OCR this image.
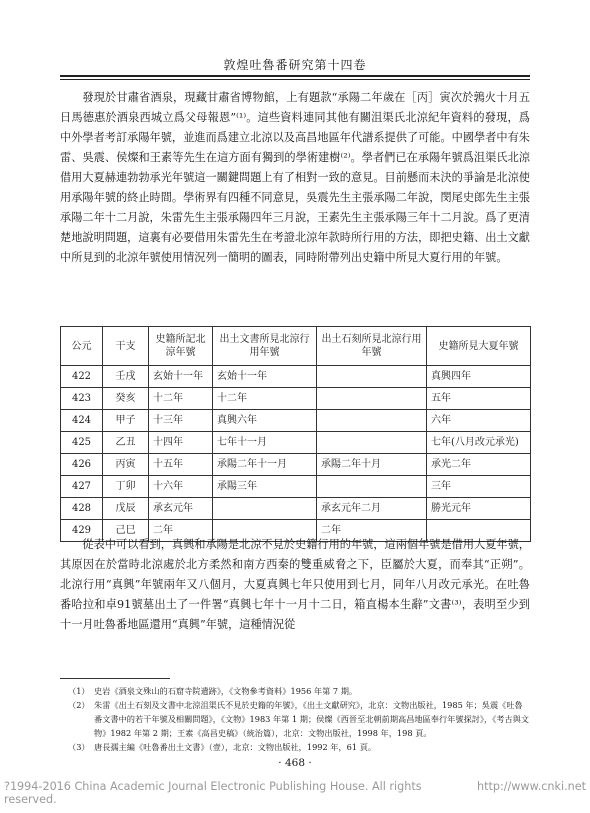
敦煌吐魯番研究第十四卷
發現於甘肅省酒泉，現藏甘肅省博物館，上有題款“承陽二年歲在［丙］寅次於鶉火十月五日馬德惠於酒泉西城立爲父母報恩”⁽¹⁾。這些資料連同其他有關沮渠氏北涼紀年資料的發現，爲中外學者考訂承陽年號，並進而爲建立北涼以及高昌地區年代譜系提供了可能。中國學者中有朱雷、吳震、侯燦和王素等先生在這方面有獨到的學術建樹⁽²⁾。學者們已在承陽年號爲沮渠氏北涼借用大夏赫連勃勃承光年號這一關鍵問題上有了相對一致的意見。目前懸而未決的爭論是北涼使用承陽年號的終止時間。學術界有四種不同意見，吳震先生主張承陽二年說，閔尾史郎先生主張承陽二年十二月說，朱雷先生主張承陽四年三月說，王素先生主張承陽三年十二月說。爲了更清楚地說明問題，這裏有必要借用朱雷先生在考證北涼年款時所行用的方法，即把史籍、出土文獻中所見到的北涼年號使用情況列一簡明的圖表，同時附帶列出史籍中所見大夏行用的年號。
公元	干支	史籍所記北涼年號	出土文書所見北涼行用年號	出土石刻所見北涼行用年號	史籍所見大夏年號
422	壬戌	玄始十一年	玄始十一年		真興四年
423	癸亥	十二年	十二年		五年
424	甲子	十三年	真興六年		六年
425	乙丑	十四年	七年十一月		七年(八月改元承光)
426	丙寅	十五年	承陽二年十一月	承陽二年十月	承光二年
427	丁卯	十六年	承陽三年		三年
428	戊辰	承玄元年		承玄元年二月	勝光元年
429	己巳	二年		二年	
從表中可以看到，真興和承陽是北涼不見於史籍行用的年號，這兩個年號是借用大夏年號，其原因在於當時北涼處於北方柔然和南方西秦的雙重威脅之下，臣屬於大夏，而奉其“正朔”。北涼行用“真興”年號兩年又八個月，大夏真興七年只使用到七月，同年八月改元承光。在吐魯番哈拉和卓91號墓出土了一件署“真興七年十一月十二日，箱直楊本生辭”文書⁽³⁾，表明至少到十一月吐魯番地區還用“真興”年號，這種情況從
（1） 史岩《酒泉文殊山的石窟寺院遺跡》，《文物參考資料》1956 年第 7 期。
（2） 朱雷《出土石刻及文書中北涼沮渠氏不見於史籍的年號》，《出土文獻研究》，北京：文物出版社，1985 年；吳震《吐魯番文書中的若干年號及相關問題》，《文物》1983 年第 1 期；侯燦《西晉至北朝前期高昌地區奉行年號探討》，《考古與文物》1982 年第 2 期；王素《高昌史稿》（統治篇），北京：文物出版社，1998 年，198 頁。
（3） 唐長孺主編《吐魯番出土文書》（壹），北京：文物出版社，1992 年，61 頁。
· 468 ·
?1994-2016 China Academic Journal Electronic Publishing House. All rights reserved.
http://www.cnki.net
